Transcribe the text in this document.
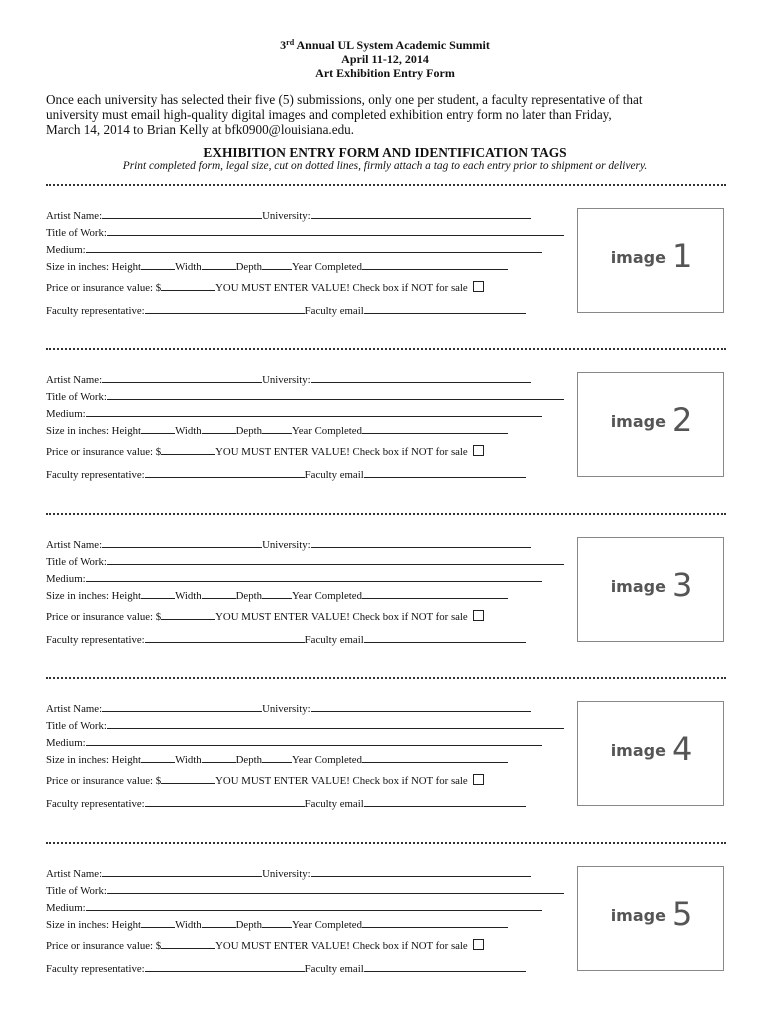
3rd Annual UL System Academic Summit
April 11-12, 2014
Art Exhibition Entry Form
Once each university has selected their five (5) submissions, only one per student, a faculty representative of that
university must email high-quality digital images and completed exhibition entry form no later than Friday,
March 14, 2014 to Brian Kelly at bfk0900@louisiana.edu.
EXHIBITION ENTRY FORM AND IDENTIFICATION TAGS
Print completed form, legal size, cut on dotted lines, firmly attach a tag to each entry prior to shipment or delivery.
Artist Name:	University:
Title of Work:
Medium:
Size in inches: Height	Width	Depth	Year Completed
Price or insurance value: $	YOU MUST ENTER VALUE! Check box if NOT for sale
Faculty representative:	Faculty email
image 1
Artist Name:	University:
Title of Work:
Medium:
Size in inches: Height	Width	Depth	Year Completed
Price or insurance value: $	YOU MUST ENTER VALUE! Check box if NOT for sale
Faculty representative:	Faculty email
image 2
Artist Name:	University:
Title of Work:
Medium:
Size in inches: Height	Width	Depth	Year Completed
Price or insurance value: $	YOU MUST ENTER VALUE! Check box if NOT for sale
Faculty representative:	Faculty email
image 3
Artist Name:	University:
Title of Work:
Medium:
Size in inches: Height	Width	Depth	Year Completed
Price or insurance value: $	YOU MUST ENTER VALUE! Check box if NOT for sale
Faculty representative:	Faculty email
image 4
Artist Name:	University:
Title of Work:
Medium:
Size in inches: Height	Width	Depth	Year Completed
Price or insurance value: $	YOU MUST ENTER VALUE! Check box if NOT for sale
Faculty representative:	Faculty email
image 5
